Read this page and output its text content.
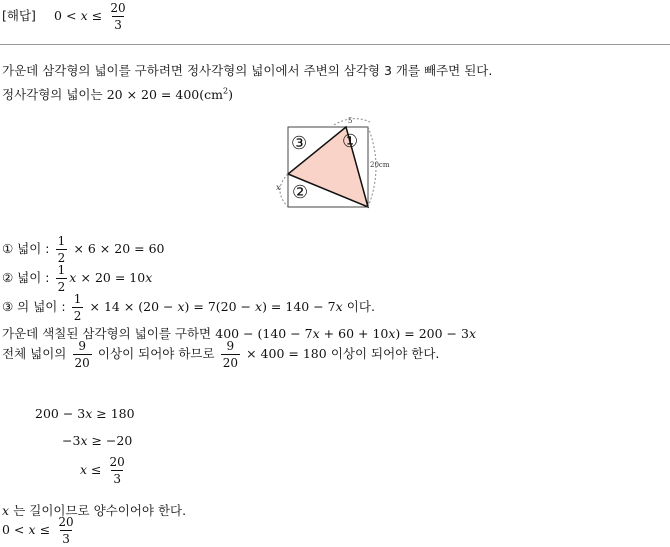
[해답] $0 < x \le \frac{20}{3}$
가운데 삼각형의 넓이를 구하려면 정사각형의 넓이에서 주변의 삼각형 3 개를 빼주면 된다.
정사각형의 넓이는 $20 \times 20 = 400(cm^2)$
5
20cm
x
①
③
②
① 넓이 : $\frac{1}{2} \times 6 \times 20 = 60$
② 넓이 : $\frac{1}{2}$ x × 20 = 10x
③ 의 넓이 : $\frac{1}{2} \times 14 \times (20 - x) = 7(20 - x) = 140 - 7x$ 이다.
가운데 색칠된 삼각형의 넓이를 구하면 400 − (140 − 7x + 60 + 10x) = 200 − 3x
전체 넓이의 $\frac{9}{20}$ 이상이 되어야 하므로 $\frac{9}{20} \times 400 = 180$ 이상이 되어야 한다.
200 − 3x ≥ 180
−3x ≥ −20
$x \le \frac{20}{3}$
x 는 길이이므로 양수이어야 한다.
$0 < x \le \frac{20}{3}$
